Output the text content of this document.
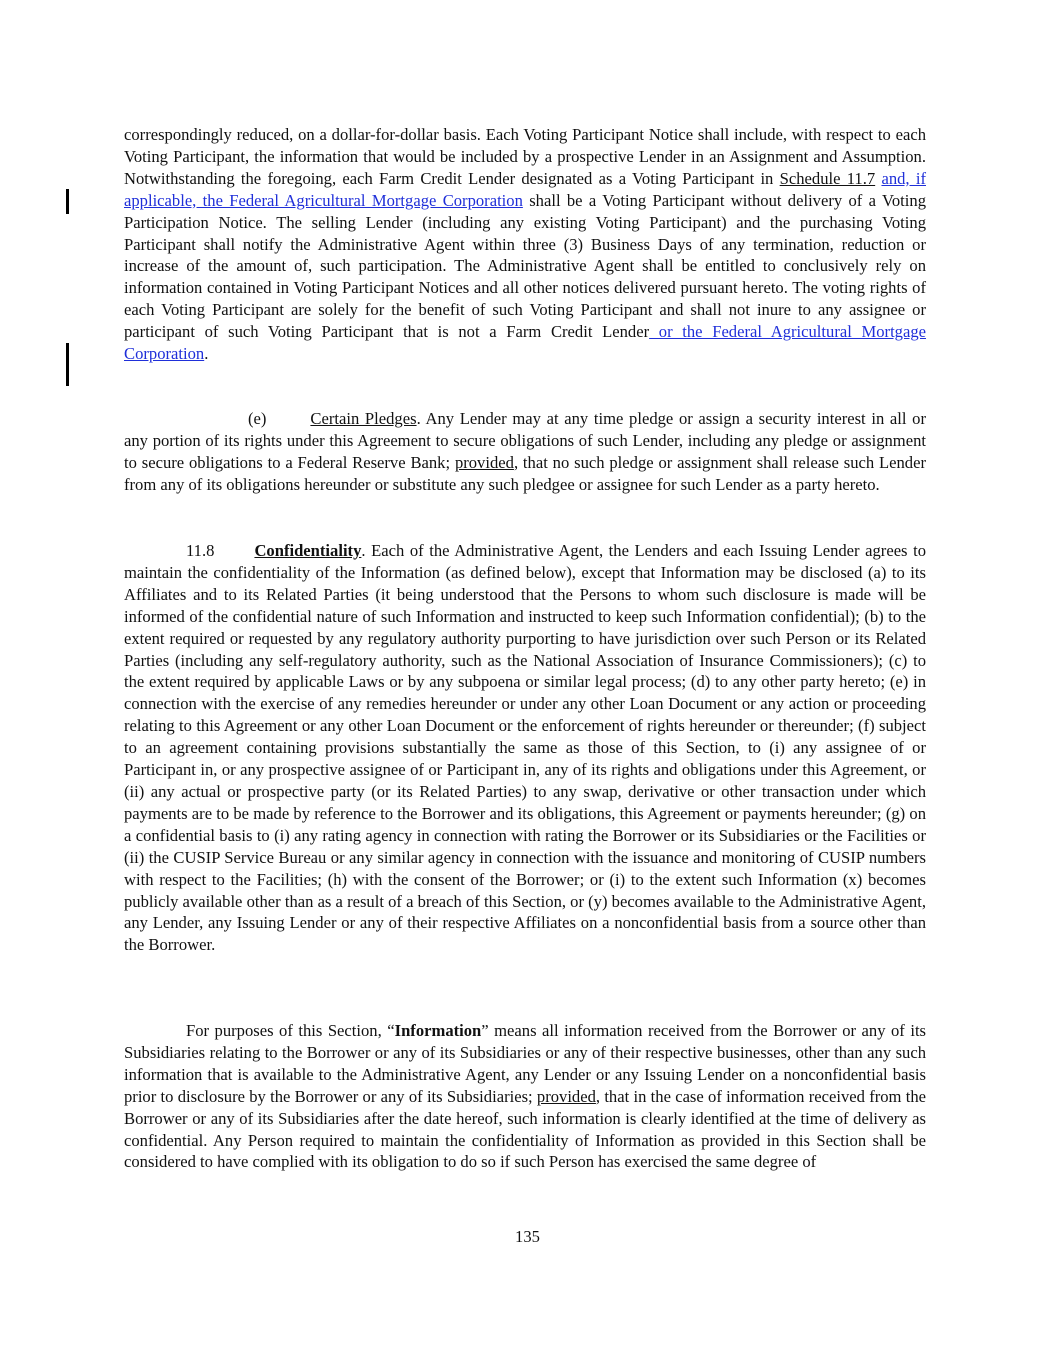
correspondingly reduced, on a dollar-for-dollar basis. Each Voting Participant Notice shall include, with respect to each Voting Participant, the information that would be included by a prospective Lender in an Assignment and Assumption. Notwithstanding the foregoing, each Farm Credit Lender designated as a Voting Participant in Schedule 11.7 and, if applicable, the Federal Agricultural Mortgage Corporation shall be a Voting Participant without delivery of a Voting Participation Notice. The selling Lender (including any existing Voting Participant) and the purchasing Voting Participant shall notify the Administrative Agent within three (3) Business Days of any termination, reduction or increase of the amount of, such participation. The Administrative Agent shall be entitled to conclusively rely on information contained in Voting Participant Notices and all other notices delivered pursuant hereto. The voting rights of each Voting Participant are solely for the benefit of such Voting Participant and shall not inure to any assignee or participant of such Voting Participant that is not a Farm Credit Lender or the Federal Agricultural Mortgage Corporation.

(e)	Certain Pledges. Any Lender may at any time pledge or assign a security interest in all or any portion of its rights under this Agreement to secure obligations of such Lender, including any pledge or assignment to secure obligations to a Federal Reserve Bank; provided, that no such pledge or assignment shall release such Lender from any of its obligations hereunder or substitute any such pledgee or assignee for such Lender as a party hereto.

11.8 Confidentiality. Each of the Administrative Agent, the Lenders and each Issuing Lender agrees to maintain the confidentiality of the Information (as defined below), except that Information may be disclosed (a) to its Affiliates and to its Related Parties (it being understood that the Persons to whom such disclosure is made will be informed of the confidential nature of such Information and instructed to keep such Information confidential); (b) to the extent required or requested by any regulatory authority purporting to have jurisdiction over such Person or its Related Parties (including any self-regulatory authority, such as the National Association of Insurance Commissioners); (c) to the extent required by applicable Laws or by any subpoena or similar legal process; (d) to any other party hereto; (e) in connection with the exercise of any remedies hereunder or under any other Loan Document or any action or proceeding relating to this Agreement or any other Loan Document or the enforcement of rights hereunder or thereunder; (f) subject to an agreement containing provisions substantially the same as those of this Section, to (i) any assignee of or Participant in, or any prospective assignee of or Participant in, any of its rights and obligations under this Agreement, or (ii) any actual or prospective party (or its Related Parties) to any swap, derivative or other transaction under which payments are to be made by reference to the Borrower and its obligations, this Agreement or payments hereunder; (g) on a confidential basis to (i) any rating agency in connection with rating the Borrower or its Subsidiaries or the Facilities or (ii) the CUSIP Service Bureau or any similar agency in connection with the issuance and monitoring of CUSIP numbers with respect to the Facilities; (h) with the consent of the Borrower; or (i) to the extent such Information (x) becomes publicly available other than as a result of a breach of this Section, or (y) becomes available to the Administrative Agent, any Lender, any Issuing Lender or any of their respective Affiliates on a nonconfidential basis from a source other than the Borrower.

For purposes of this Section, “Information” means all information received from the Borrower or any of its Subsidiaries relating to the Borrower or any of its Subsidiaries or any of their respective businesses, other than any such information that is available to the Administrative Agent, any Lender or any Issuing Lender on a nonconfidential basis prior to disclosure by the Borrower or any of its Subsidiaries; provided, that in the case of information received from the Borrower or any of its Subsidiaries after the date hereof, such information is clearly identified at the time of delivery as confidential. Any Person required to maintain the confidentiality of Information as provided in this Section shall be considered to have complied with its obligation to do so if such Person has exercised the same degree of

135
